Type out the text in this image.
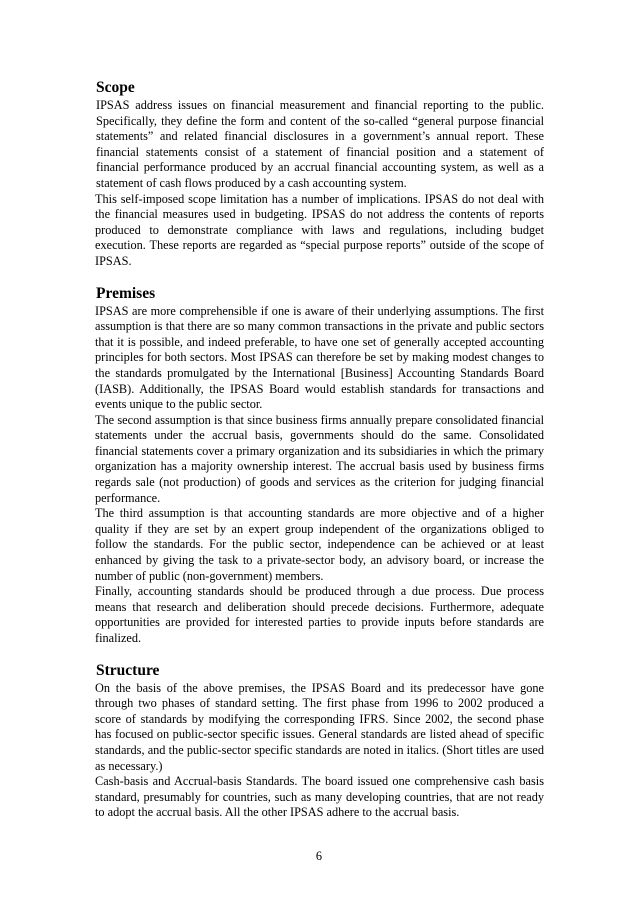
Scope

IPSAS address issues on financial measurement and financial reporting to the public. Specifically, they define the form and content of the so-called “general purpose financial statements” and related financial disclosures in a government’s annual report. These financial statements consist of a statement of financial position and a statement of financial performance produced by an accrual financial accounting system, as well as a statement of cash flows produced by a cash accounting system.

This self-imposed scope limitation has a number of implications. IPSAS do not deal with the financial measures used in budgeting. IPSAS do not address the contents of reports produced to demonstrate compliance with laws and regulations, including budget execution. These reports are regarded as “special purpose reports” outside of the scope of IPSAS.

Premises

IPSAS are more comprehensible if one is aware of their underlying assumptions. The first assumption is that there are so many common transactions in the private and public sectors that it is possible, and indeed preferable, to have one set of generally accepted accounting principles for both sectors. Most IPSAS can therefore be set by making modest changes to the standards promulgated by the International [Business] Accounting Standards Board (IASB). Additionally, the IPSAS Board would establish standards for transactions and events unique to the public sector.

The second assumption is that since business firms annually prepare consolidated financial statements under the accrual basis, governments should do the same. Consolidated financial statements cover a primary organization and its subsidiaries in which the primary organization has a majority ownership interest. The accrual basis used by business firms regards sale (not production) of goods and services as the criterion for judging financial performance.

The third assumption is that accounting standards are more objective and of a higher quality if they are set by an expert group independent of the organizations obliged to follow the standards. For the public sector, independence can be achieved or at least enhanced by giving the task to a private-sector body, an advisory board, or increase the number of public (non-government) members.

Finally, accounting standards should be produced through a due process. Due process means that research and deliberation should precede decisions. Furthermore, adequate opportunities are provided for interested parties to provide inputs before standards are finalized.

Structure

On the basis of the above premises, the IPSAS Board and its predecessor have gone through two phases of standard setting. The first phase from 1996 to 2002 produced a score of standards by modifying the corresponding IFRS. Since 2002, the second phase has focused on public-sector specific issues. General standards are listed ahead of specific standards, and the public-sector specific standards are noted in italics. (Short titles are used as necessary.)

Cash-basis and Accrual-basis Standards. The board issued one comprehensive cash basis standard, presumably for countries, such as many developing countries, that are not ready to adopt the accrual basis. All the other IPSAS adhere to the accrual basis.

6
